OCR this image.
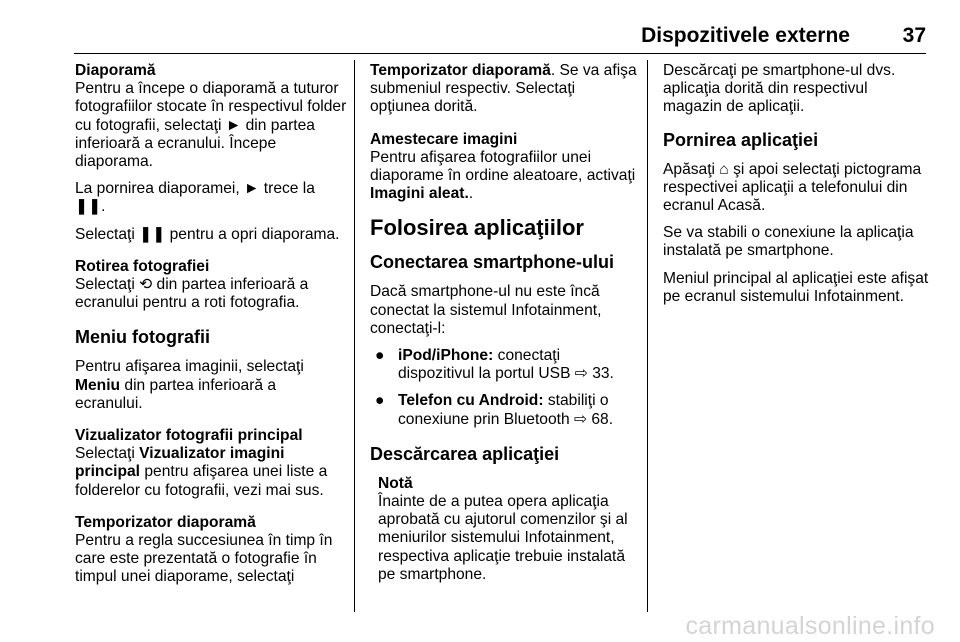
Dispozitivele externe	37

Diaporamă
Pentru a începe o diaporamă a tuturor fotografiilor stocate în respectivul folder cu fotografii, selectaţi ► din partea inferioară a ecranului. Începe diaporama.

La pornirea diaporamei, ► trece la ❚❚.

Selectaţi ❚❚ pentru a opri diaporama.

Rotirea fotografiei
Selectaţi ⟲ din partea inferioară a ecranului pentru a roti fotografia.

Meniu fotografii

Pentru afişarea imaginii, selectaţi Meniu din partea inferioară a ecranului.

Vizualizator fotografii principal
Selectaţi Vizualizator imagini principal pentru afişarea unei liste a folderelor cu fotografii, vezi mai sus.

Temporizator diaporamă
Pentru a regla succesiunea în timp în care este prezentată o fotografie în timpul unei diaporame, selectaţi

Temporizator diaporamă. Se va afişa submeniul respectiv. Selectaţi opţiunea dorită.

Amestecare imagini
Pentru afişarea fotografiilor unei diaporame în ordine aleatoare, activaţi Imagini aleat..

Folosirea aplicaţiilor
Conectarea smartphone-ului

Dacă smartphone-ul nu este încă conectat la sistemul Infotainment, conectaţi-l:

● iPod/iPhone: conectaţi dispozitivul la portul USB ⇨ 33.
● Telefon cu Android: stabiliţi o conexiune prin Bluetooth ⇨ 68.
Descărcarea aplicaţiei
Notă
Înainte de a putea opera aplicaţia aprobată cu ajutorul comenzilor şi al meniurilor sistemului Infotainment, respectiva aplicaţie trebuie instalată pe smartphone.

Descărcaţi pe smartphone-ul dvs. aplicaţia dorită din respectivul magazin de aplicaţii.

Pornirea aplicaţiei

Apăsaţi ⌂ şi apoi selectaţi pictograma respectivei aplicaţii a telefonului din ecranul Acasă.

Se va stabili o conexiune la aplicaţia instalată pe smartphone.

Meniul principal al aplicaţiei este afişat pe ecranul sistemului Infotainment.

carmanualsonline.info
